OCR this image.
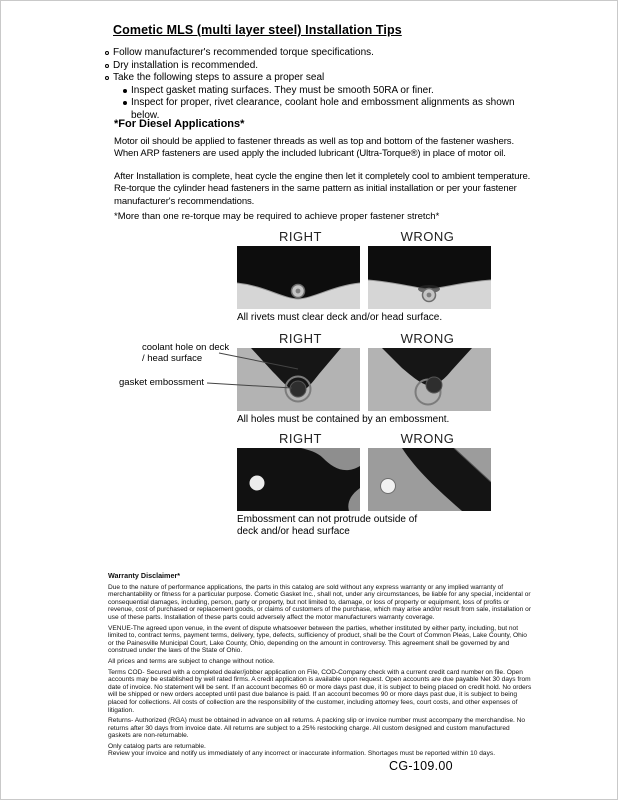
Cometic MLS (multi layer steel) Installation Tips
Follow manufacturer's recommended torque specifications.
Dry installation is recommended.
Take the following steps to assure a proper seal
Inspect gasket mating surfaces. They must be smooth 50RA or finer.
Inspect for proper, rivet clearance, coolant hole and embossment alignments as shown below.
*For Diesel Applications*

Motor oil should be applied to fastener threads as well as top and bottom of the fastener washers. When ARP fasteners are used apply the included lubricant (Ultra-Torque®) in place of motor oil.

After Installation is complete, heat cycle the engine then let it completely cool to ambient temperature. Re-torque the cylinder head fasteners in the same pattern as initial installation or per your fastener manufacturer's recommendations.

*More than one re-torque may be required to achieve proper fastener stretch*

RIGHT	WRONG

All rivets must clear deck and/or head surface.

RIGHT	WRONG

All holes must be contained by an embossment.

RIGHT	WRONG

Embossment can not protrude outside of deck and/or head surface

coolant hole on deck / head surface
gasket embossment
Warranty Disclaimer*

Due to the nature of performance applications, the parts in this catalog are sold without any express warranty or any implied warranty of merchantability or fitness for a particular purpose. Cometic Gasket Inc., shall not, under any circumstances, be liable for any special, incidental or consequential damages, including, person, party or property, but not limited to, damage, or loss of property or equipment, loss of profits or revenue, cost of purchased or replacement goods, or claims of customers of the purchase, which may arise and/or result from sale, installation or use of these parts. Installation of these parts could adversely affect the motor manufacturers warranty coverage.

VENUE-The agreed upon venue, in the event of dispute whatsoever between the parties, whether instituted by either party, including, but not limited to, contract terms, payment terms, delivery, type, defects, sufficiency of product, shall be the Court of Common Pleas, Lake County, Ohio or the Painesville Municipal Court, Lake County, Ohio, depending on the amount in controversy. This agreement shall be governed by and construed under the laws of the State of Ohio.

All prices and terms are subject to change without notice.

Terms COD- Secured with a completed dealer/jobber application on File, COD-Company check with a current credit card number on file. Open accounts may be established by well rated firms. A credit application is available upon request. Open accounts are due payable Net 30 days from date of invoice. No statement will be sent. If an account becomes 60 or more days past due, it is subject to being placed on credit hold. No orders will be shipped or new orders accepted until past due balance is paid. If an account becomes 90 or more days past due, it is subject to being placed for collections. All costs of collection are the responsibility of the customer, including attorney fees, court costs, and other expenses of litigation.

Returns- Authorized (RGA) must be obtained in advance on all returns. A packing slip or invoice number must accompany the merchandise. No returns after 30 days from invoice date. All returns are subject to a 25% restocking charge. All custom designed and custom manufactured gaskets are non-returnable.

Only catalog parts are returnable.

Review your invoice and notify us immediately of any incorrect or inaccurate information. Shortages must be reported within 10 days.

CG-109.00
